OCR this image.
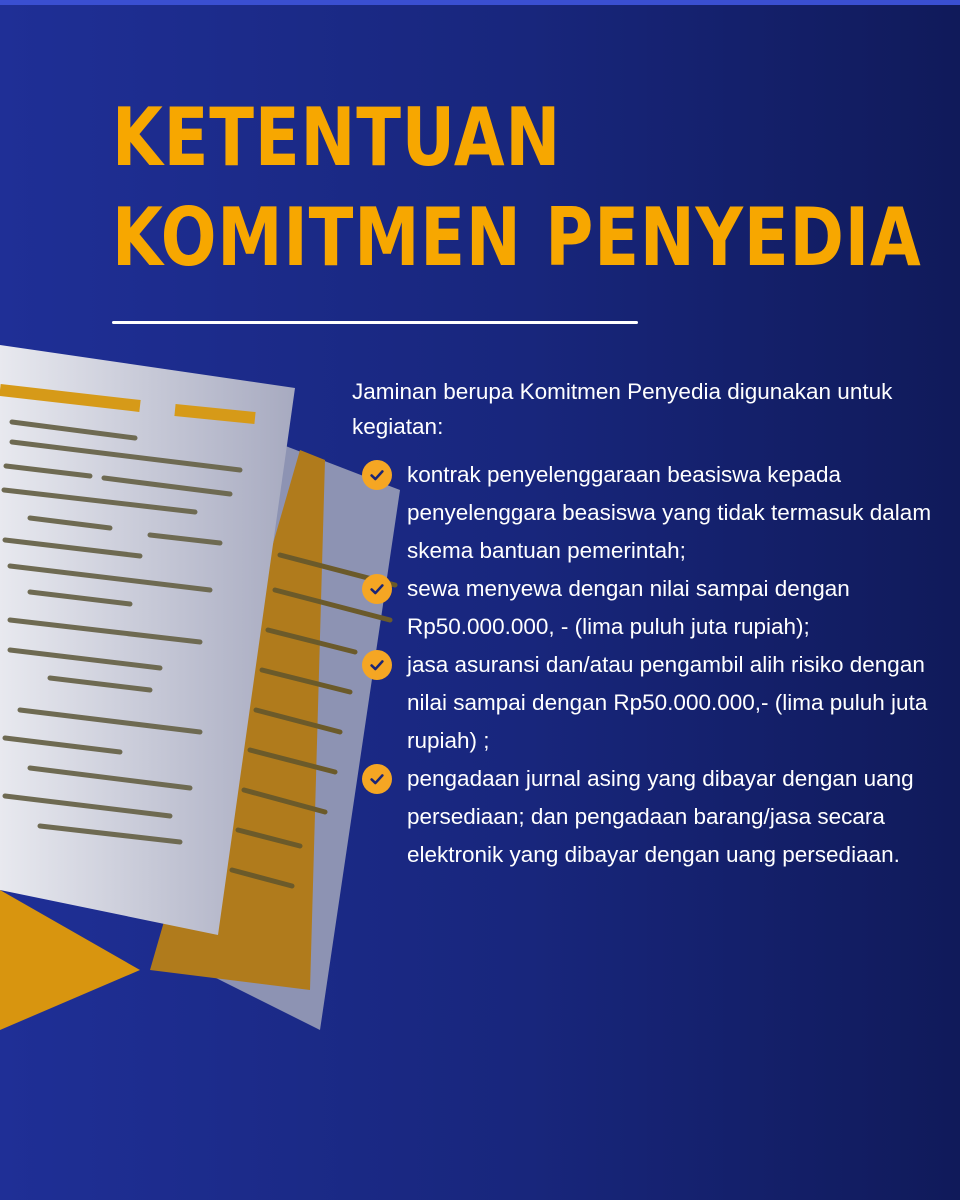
KETENTUAN
KOMITMEN PENYEDIA

Jaminan berupa Komitmen Penyedia digunakan untuk kegiatan:

kontrak penyelenggaraan beasiswa kepada penyelenggara beasiswa yang tidak termasuk dalam skema bantuan pemerintah;
sewa menyewa dengan nilai sampai dengan Rp50.000.000, - (lima puluh juta rupiah);
jasa asuransi dan/atau pengambil alih risiko dengan nilai sampai dengan Rp50.000.000,- (lima puluh juta rupiah) ;
pengadaan jurnal asing yang dibayar dengan uang persediaan; dan pengadaan barang/jasa secara elektronik yang dibayar dengan uang persediaan.
